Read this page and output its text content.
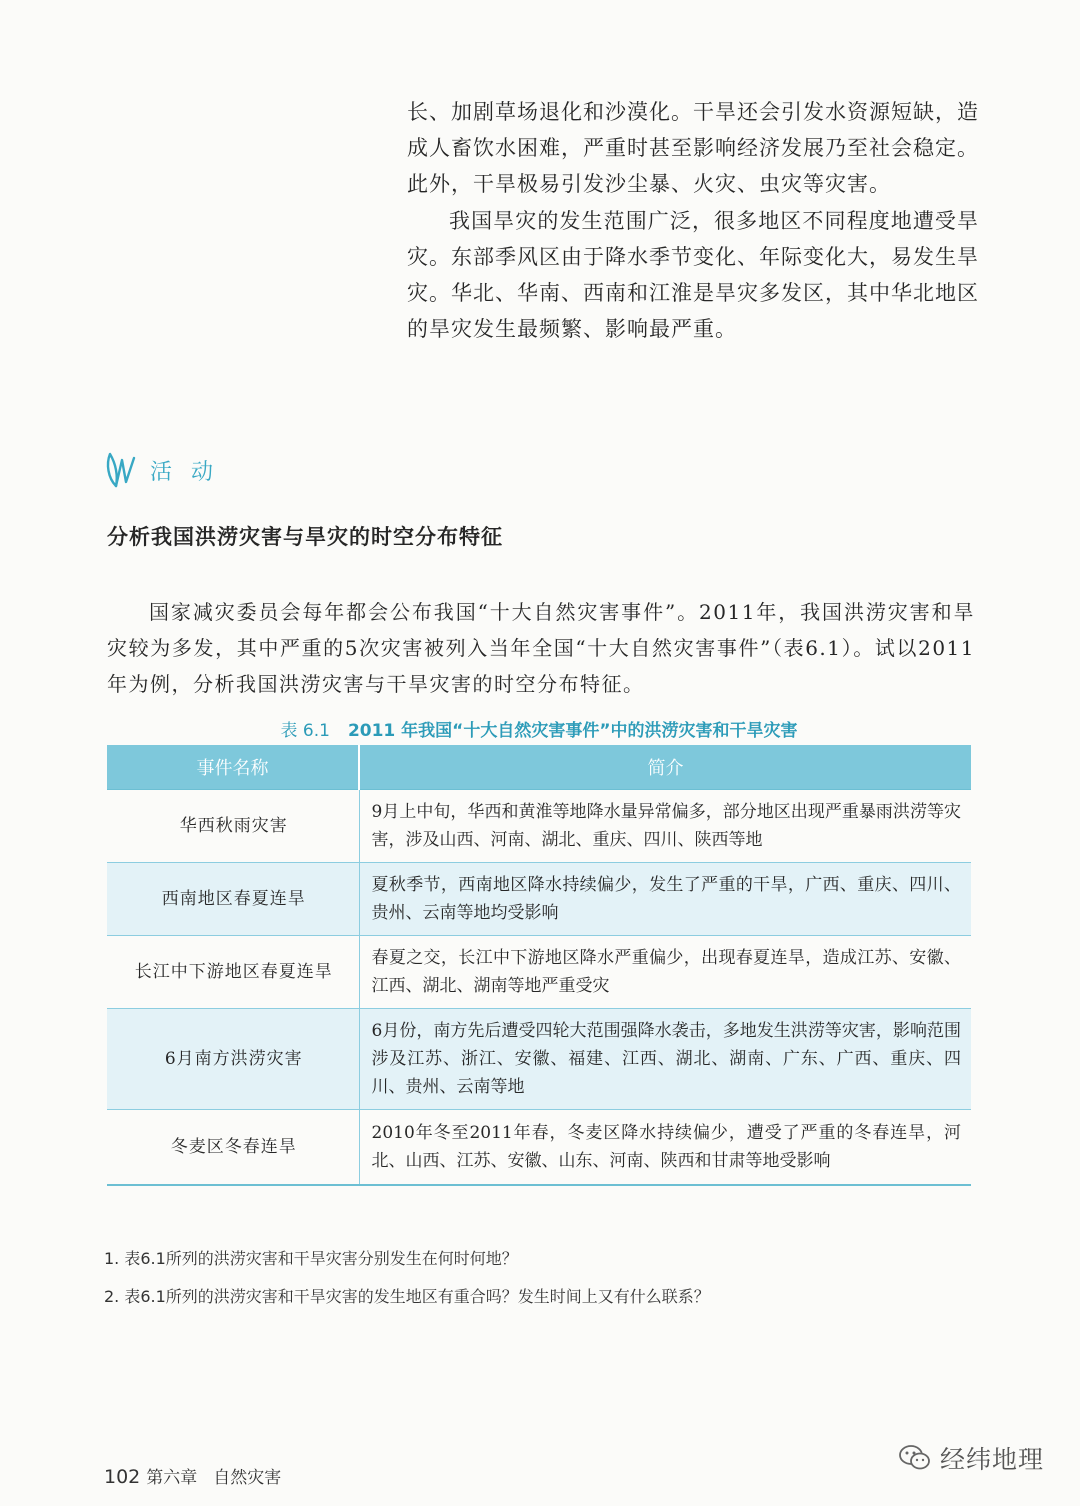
长、加剧草场退化和沙漠化。干旱还会引发水资源短缺，造成人畜饮水困难，严重时甚至影响经济发展乃至社会稳定。此外，干旱极易引发沙尘暴、火灾、虫灾等灾害。

我国旱灾的发生范围广泛，很多地区不同程度地遭受旱灾。东部季风区由于降水季节变化、年际变化大，易发生旱灾。华北、华南、西南和江淮是旱灾多发区，其中华北地区的旱灾发生最频繁、影响最严重。

活 动
分析我国洪涝灾害与旱灾的时空分布特征

国家减灾委员会每年都会公布我国“十大自然灾害事件”。2011年，我国洪涝灾害和旱灾较为多发，其中严重的5次灾害被列入当年全国“十大自然灾害事件”（表6.1）。试以2011年为例，分析我国洪涝灾害与干旱灾害的时空分布特征。

表 6.1 2011 年我国“十大自然灾害事件”中的洪涝灾害和干旱灾害
事件名称	简介
华西秋雨灾害	9月上中旬，华西和黄淮等地降水量异常偏多，部分地区出现严重暴雨洪涝等灾害，涉及山西、河南、湖北、重庆、四川、陕西等地
西南地区春夏连旱	夏秋季节，西南地区降水持续偏少，发生了严重的干旱，广西、重庆、四川、贵州、云南等地均受影响
长江中下游地区春夏连旱	春夏之交，长江中下游地区降水严重偏少，出现春夏连旱，造成江苏、安徽、江西、湖北、湖南等地严重受灾
6月南方洪涝灾害	6月份，南方先后遭受四轮大范围强降水袭击，多地发生洪涝等灾害，影响范围涉及江苏、浙江、安徽、福建、江西、湖北、湖南、广东、广西、重庆、四川、贵州、云南等地
冬麦区冬春连旱	2010年冬至2011年春，冬麦区降水持续偏少，遭受了严重的冬春连旱，河北、山西、江苏、安徽、山东、河南、陕西和甘肃等地受影响
1. 表6.1所列的洪涝灾害和干旱灾害分别发生在何时何地？
2. 表6.1所列的洪涝灾害和干旱灾害的发生地区有重合吗？发生时间上又有什么联系？
102 第六章 自然灾害
经纬地理
